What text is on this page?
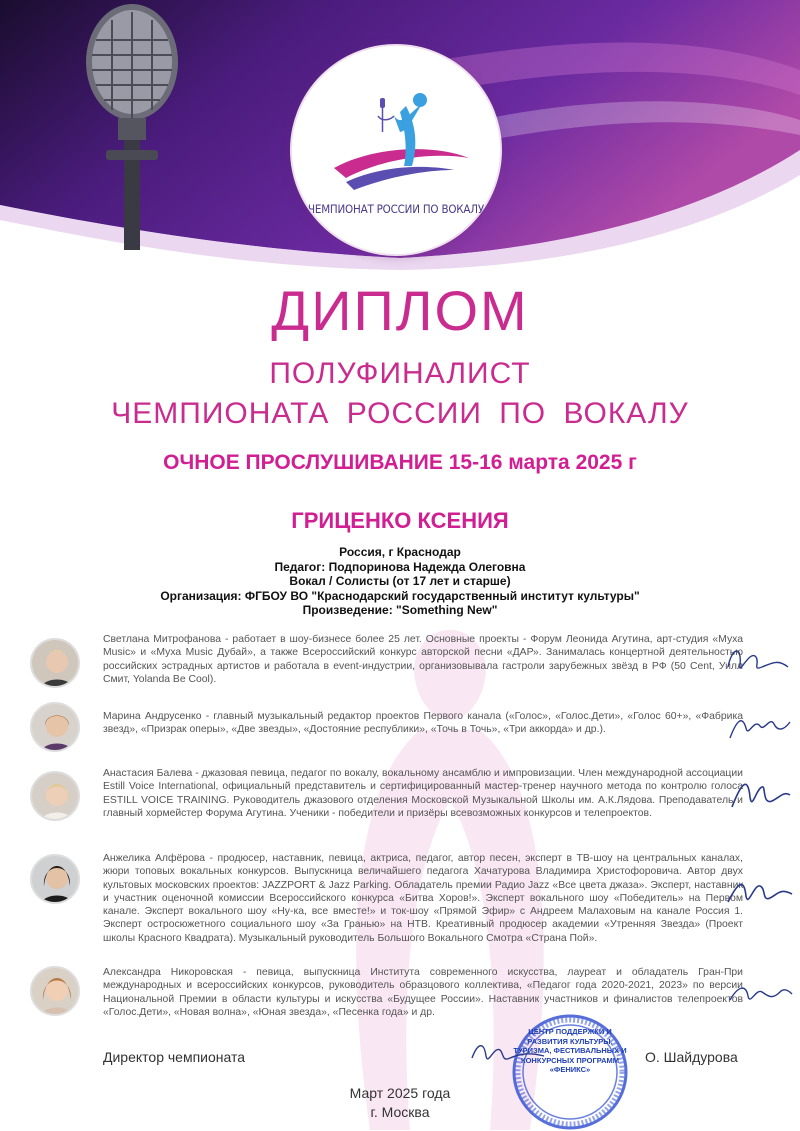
ЧЕМПИОНАТ РОССИИ ПО ВОКАЛУ
ДИПЛОМ
ПОЛУФИНАЛИСТ
ЧЕМПИОНАТА РОССИИ ПО ВОКАЛУ
ОЧНОЕ ПРОСЛУШИВАНИЕ 15-16 марта 2025 г
ГРИЦЕНКО КСЕНИЯ
Россия, г Краснодар
Педагог: Подпоринова Надежда Олеговна
Вокал / Солисты (от 17 лет и старше)
Организация: ФГБОУ ВО "Краснодарский государственный институт культуры"
Произведение: "Something New"
Светлана Митрофанова - работает в шоу-бизнесе более 25 лет. Основные проекты - Форум Леонида Агутина, арт-студия «Муха Music» и «Муха Music Дубай», а также Всероссийский конкурс авторской песни «ДАР». Занималась концертной деятельностью российских эстрадных артистов и работала в event-индустрии, организовывала гастроли зарубежных звёзд в РФ (50 Cent, Уилл Смит, Yolanda Be Cool).
Марина Андрусенко - главный музыкальный редактор проектов Первого канала («Голос», «Голос.Дети», «Голос 60+», «Фабрика звезд», «Призрак оперы», «Две звезды», «Достояние республики», «Точь в Точь», «Три аккорда» и др.).
Анастасия Балева - джазовая певица, педагог по вокалу, вокальному ансамблю и импровизации. Член международной ассоциации Estill Voice International, официальный представитель и сертифицированный мастер-тренер научного метода по контролю голоса ESTILL VOICE TRAINING. Руководитель джазового отделения Московской Музыкальной Школы им. А.К.Лядова. Преподаватель и главный хормейстер Форума Агутина. Ученики - победители и призёры всевозможных конкурсов и телепроектов.
Анжелика Алфёрова - продюсер, наставник, певица, актриса, педагог, автор песен, эксперт в ТВ-шоу на центральных каналах, жюри топовых вокальных конкурсов. Выпускница величайшего педагога Хачатурова Владимира Христофоровича. Автор двух культовых московских проектов: JAZZPORT & Jazz Parking. Обладатель премии Радио Jazz «Все цвета джаза». Эксперт, наставник и участник оценочной комиссии Всероссийского конкурса «Битва Хоров!». Эксперт вокального шоу «Победитель» на Первом канале. Эксперт вокального шоу «Ну-ка, все вместе!» и ток-шоу «Прямой Эфир» с Андреем Малаховым на канале Россия 1. Эксперт остросюжетного социального шоу «За Гранью» на НТВ. Креативный продюсер академии «Утренняя Звезда» (Проект школы Красного Квадрата). Музыкальный руководитель Большого Вокального Смотра «Страна Пой».
Александра Никоровская - певица, выпускница Института современного искусства, лауреат и обладатель Гран-При международных и всероссийских конкурсов, руководитель образцового коллектива, «Педагог года 2020-2021, 2023» по версии Национальной Премии в области культуры и искусства «Будущее России». Наставник участников и финалистов телепроектов «Голос.Дети», «Новая волна», «Юная звезда», «Песенка года» и др.
Директор чемпионата
ЦЕНТР ПОДДЕРЖКИ И РАЗВИТИЯ КУЛЬТУРЫ, ТУРИЗМА, ФЕСТИВАЛЬНЫХ И КОНКУРСНЫХ ПРОГРАММ «ФЕНИКС»
О. Шайдурова
Март 2025 года
г. Москва
